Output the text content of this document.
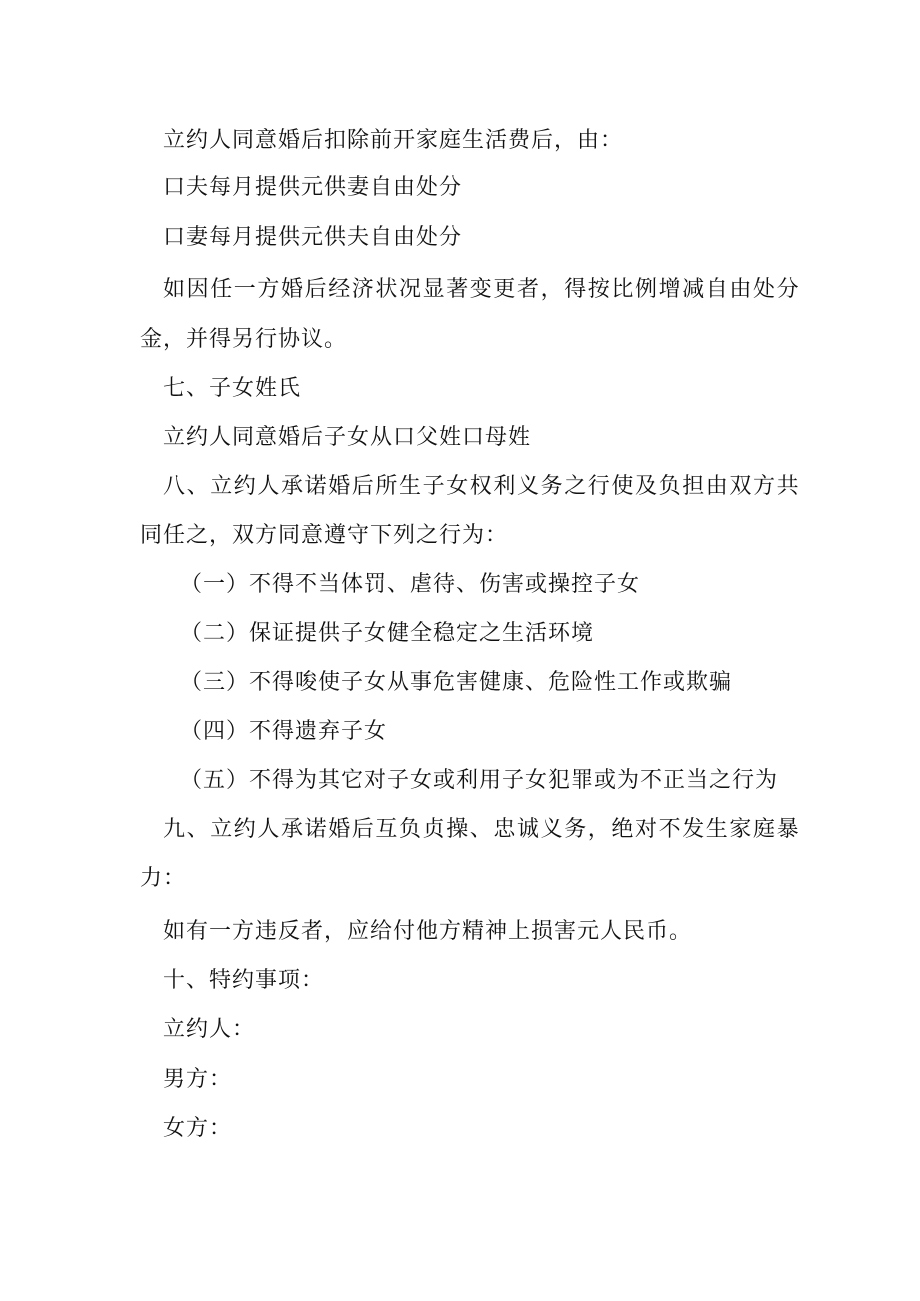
立约人同意婚后扣除前开家庭生活费后，由：
口夫每月提供元供妻自由处分
口妻每月提供元供夫自由处分
如因任一方婚后经济状况显著变更者，得按比例增减自由处分
金，并得另行协议。
七、子女姓氏
立约人同意婚后子女从口父姓口母姓
八、立约人承诺婚后所生子女权利义务之行使及负担由双方共
同任之，双方同意遵守下列之行为：
（一）不得不当体罚、虐待、伤害或操控子女
（二）保证提供子女健全稳定之生活环境
（三）不得唆使子女从事危害健康、危险性工作或欺骗
（四）不得遗弃子女
（五）不得为其它对子女或利用子女犯罪或为不正当之行为
九、立约人承诺婚后互负贞操、忠诚义务，绝对不发生家庭暴
力：
如有一方违反者，应给付他方精神上损害元人民币。
十、特约事项：
立约人：
男方：
女方：
